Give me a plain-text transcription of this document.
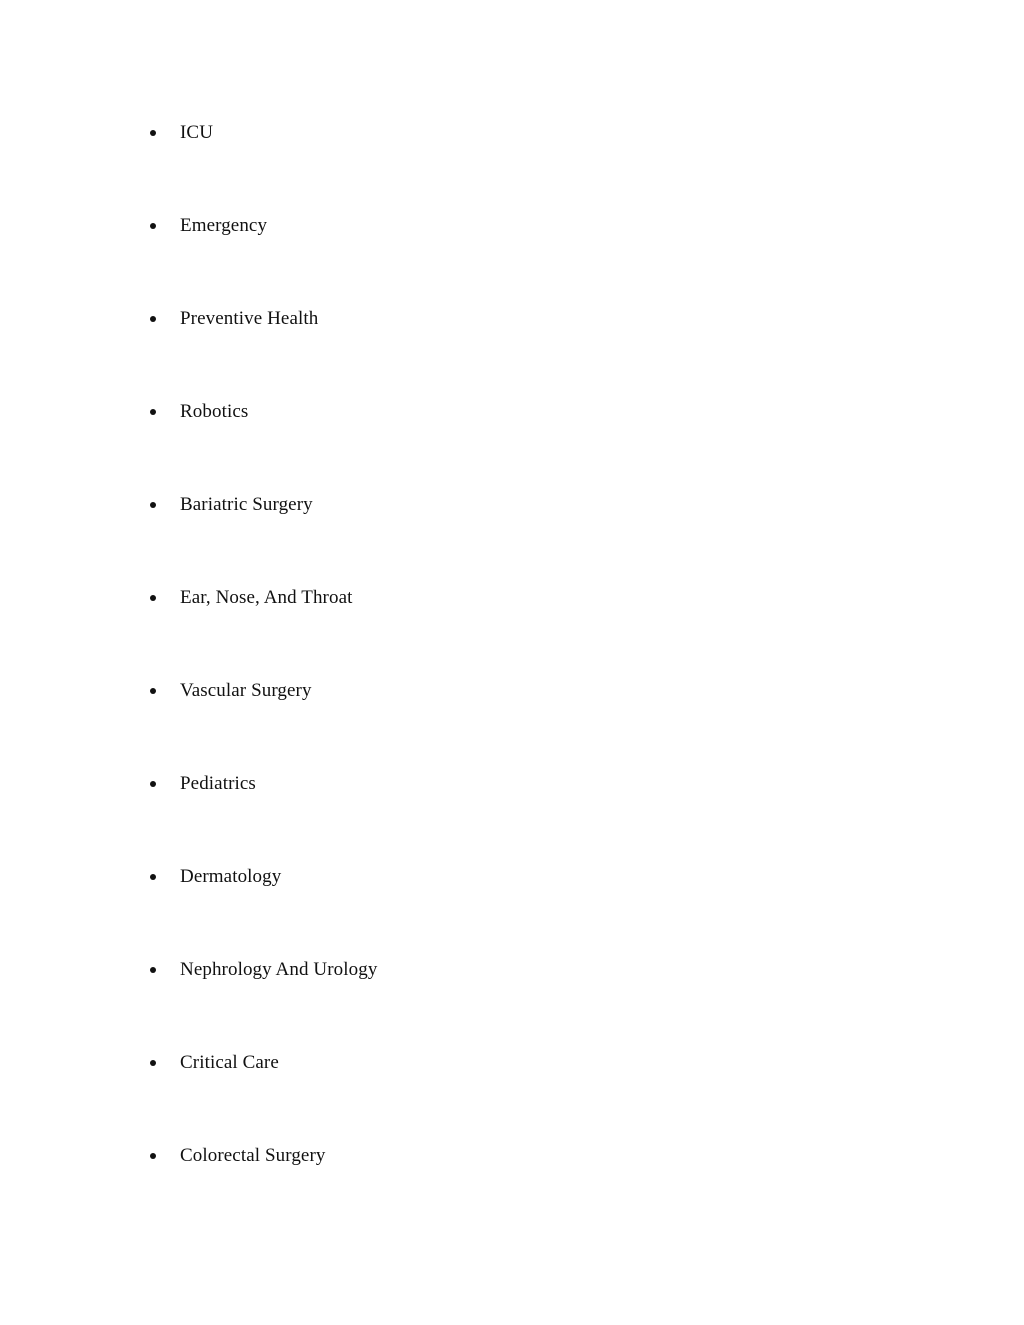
ICU
Emergency
Preventive Health
Robotics
Bariatric Surgery
Ear, Nose, And Throat
Vascular Surgery
Pediatrics
Dermatology
Nephrology And Urology
Critical Care
Colorectal Surgery
